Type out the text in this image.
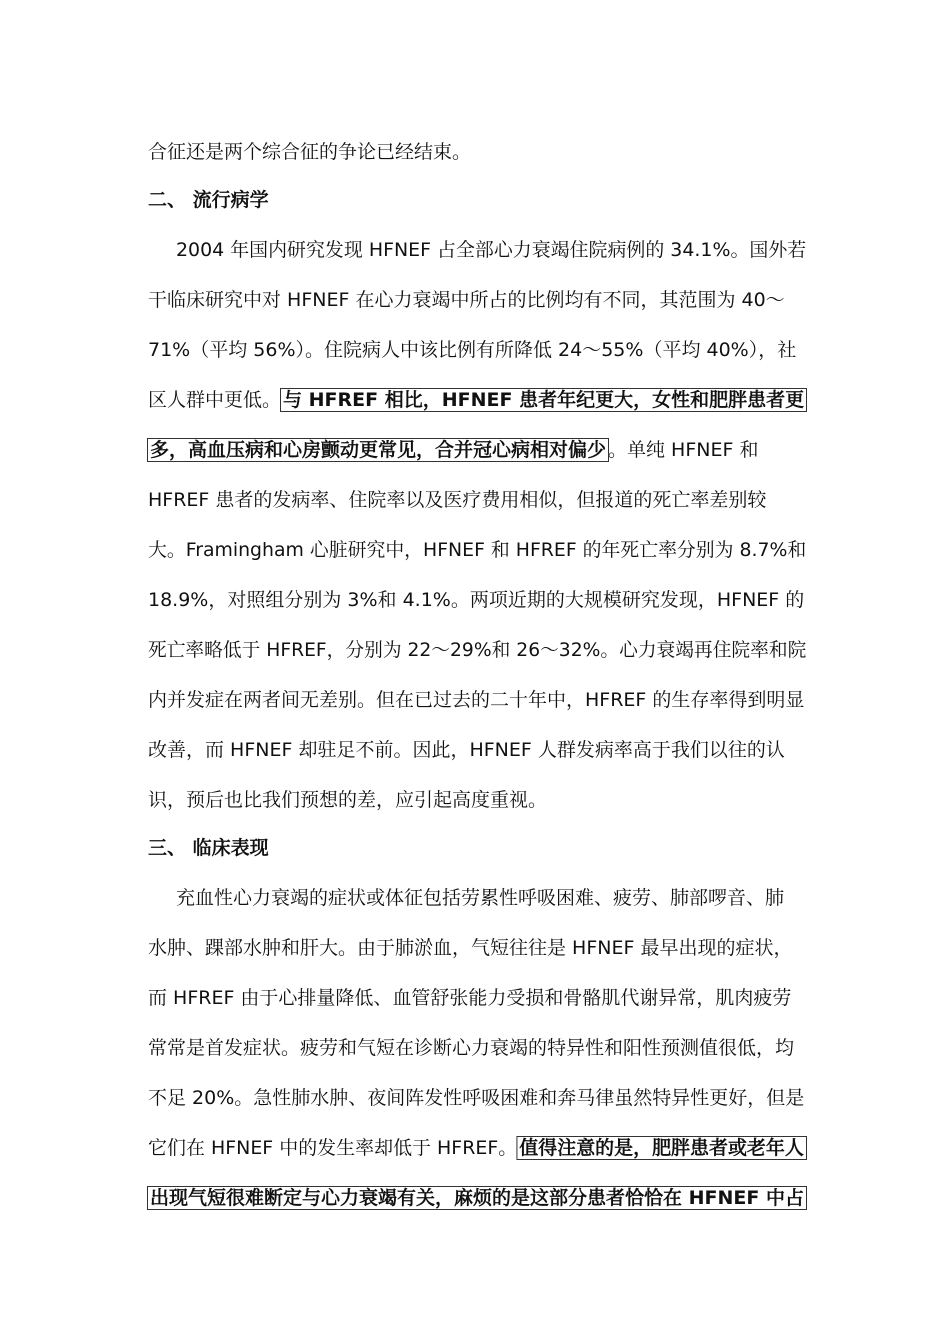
合征还是两个综合征的争论已经结束。
二、 流行病学
2004 年国内研究发现 HFNEF 占全部心力衰竭住院病例的 34.1%。国外若
干临床研究中对 HFNEF 在心力衰竭中所占的比例均有不同，其范围为 40～
71%（平均 56%）。住院病人中该比例有所降低 24～55%（平均 40%），社
区人群中更低。 与 HFREF 相比，HFNEF 患者年纪更大，女性和肥胖患者更
多，高血压病和心房颤动更常见，合并冠心病相对偏少 。单纯 HFNEF 和
HFREF 患者的发病率、住院率以及医疗费用相似，但报道的死亡率差别较
大。Framingham 心脏研究中，HFNEF 和 HFREF 的年死亡率分别为 8.7%和
18.9%，对照组分别为 3%和 4.1%。两项近期的大规模研究发现，HFNEF 的
死亡率略低于 HFREF，分别为 22～29%和 26～32%。心力衰竭再住院率和院
内并发症在两者间无差别。但在已过去的二十年中，HFREF 的生存率得到明显
改善，而 HFNEF 却驻足不前。因此，HFNEF 人群发病率高于我们以往的认
识，预后也比我们预想的差，应引起高度重视。
三、 临床表现
充血性心力衰竭的症状或体征包括劳累性呼吸困难、疲劳、肺部啰音、肺
水肿、踝部水肿和肝大。由于肺淤血，气短往往是 HFNEF 最早出现的症状，
而 HFREF 由于心排量降低、血管舒张能力受损和骨骼肌代谢异常，肌肉疲劳
常常是首发症状。疲劳和气短在诊断心力衰竭的特异性和阳性预测值很低，均
不足 20%。急性肺水肿、夜间阵发性呼吸困难和奔马律虽然特异性更好，但是
它们在 HFNEF 中的发生率却低于 HFREF。 值得注意的是，肥胖患者或老年人
出现气短很难断定与心力衰竭有关，麻烦的是这部分患者恰恰在 HFNEF 中占
